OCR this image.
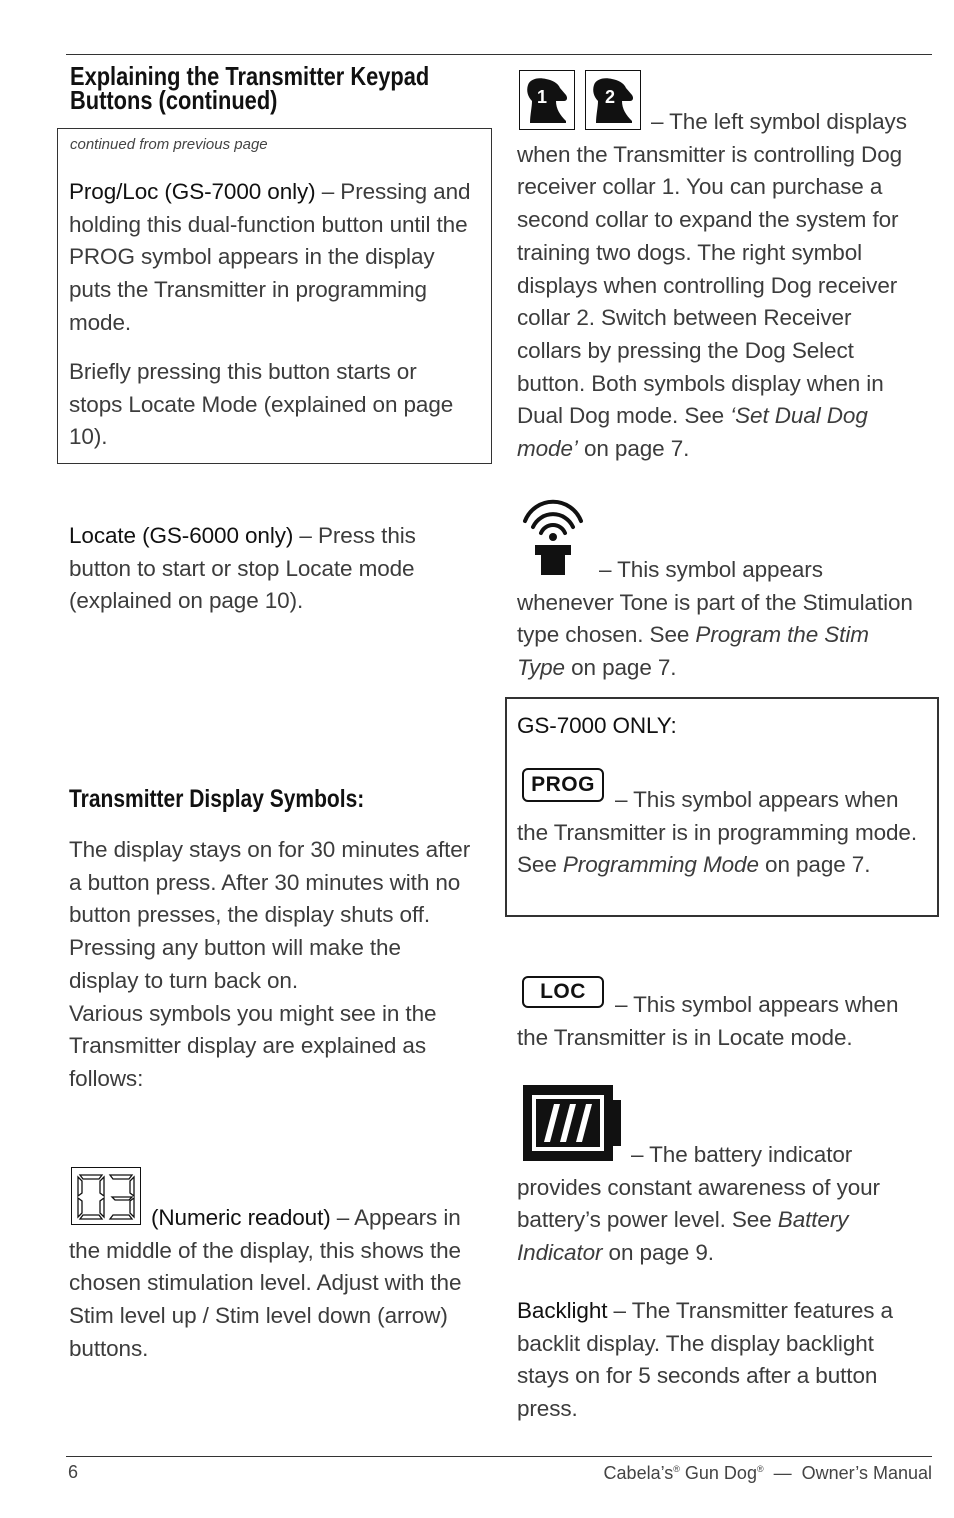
Explaining the Transmitter Keypad
Buttons (continued)
continued from previous page
Prog/Loc (GS-7000 only) – Pressing and
holding this dual-function button until the
PROG symbol appears in the display
puts the Transmitter in programming
mode.
Briefly pressing this button starts or
stops Locate Mode (explained on page
10).
Locate (GS-6000 only) – Press this
button to start or stop Locate mode
(explained on page 10).
Transmitter Display Symbols:
The display stays on for 30 minutes after
a button press. After 30 minutes with no
button presses, the display shuts off.
Pressing any button will make the
display to turn back on.
Various symbols you might see in the
Transmitter display are explained as
follows:
(Numeric readout) – Appears in
the middle of the display, this shows the
chosen stimulation level. Adjust with the
Stim level up / Stim level down (arrow)
buttons.
1	2
– The left symbol displays
when the Transmitter is controlling Dog
receiver collar 1. You can purchase a
second collar to expand the system for
training two dogs. The right symbol
displays when controlling Dog receiver
collar 2. Switch between Receiver
collars by pressing the Dog Select
button. Both symbols display when in
Dual Dog mode. See ‘Set Dual Dog
mode’ on page 7.
– This symbol appears
whenever Tone is part of the Stimulation
type chosen. See Program the Stim
Type on page 7.
GS-7000 ONLY:
PROG
– This symbol appears when
the Transmitter is in programming mode.
See Programming Mode on page 7.
LOC
– This symbol appears when
the Transmitter is in Locate mode.
– The battery indicator
provides constant awareness of your
battery’s power level. See Battery
Indicator on page 9.
Backlight – The Transmitter features a
backlit display. The display backlight
stays on for 5 seconds after a button
press.
6	Cabela’s® Gun Dog®  —  Owner’s Manual
